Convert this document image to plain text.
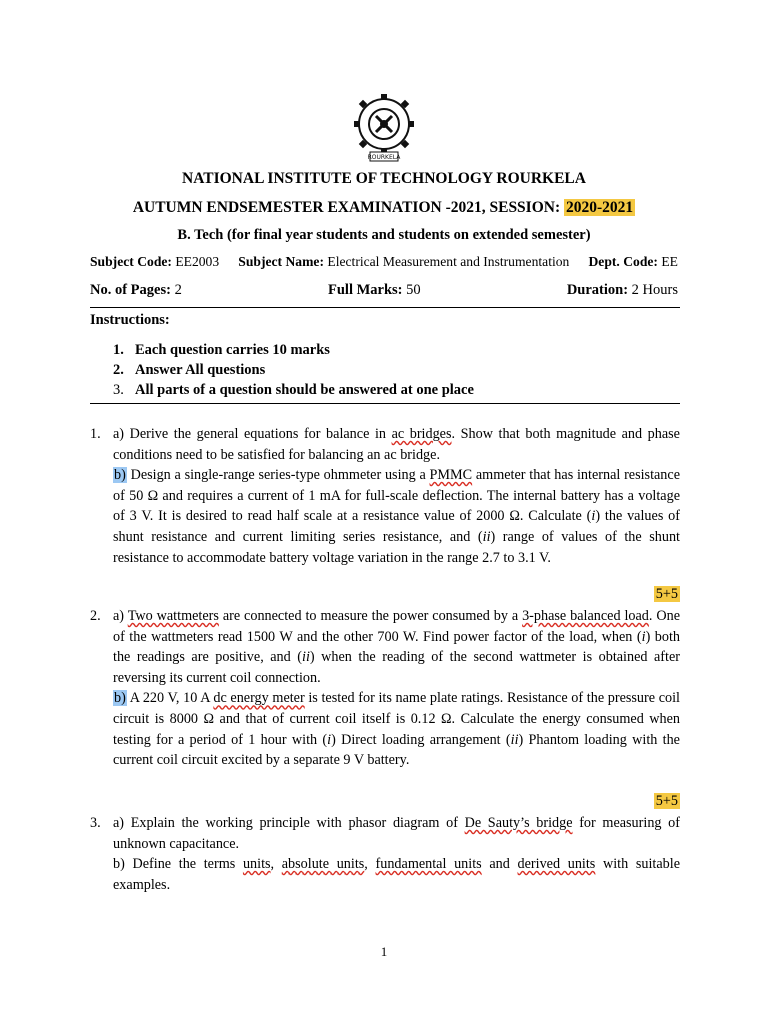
ROURKELA
NATIONAL INSTITUTE OF TECHNOLOGY ROURKELA
AUTUMN ENDSEMESTER EXAMINATION -2021, SESSION: 2020-2021
B. Tech (for final year students and students on extended semester)
Subject Code: EE2003 Subject Name: Electrical Measurement and Instrumentation Dept. Code: EE
No. of Pages: 2	Full Marks: 50	Duration: 2 Hours
Instructions:
1. Each question carries 10 marks
2. Answer All questions
3. All parts of a question should be answered at one place
1. a) Derive the general equations for balance in ac bridges. Show that both magnitude and phase conditions need to be satisfied for balancing an ac bridge.

b) Design a single-range series-type ohmmeter using a PMMC ammeter that has internal resistance of 50 Ω and requires a current of 1 mA for full-scale deflection. The internal battery has a voltage of 3 V. It is desired to read half scale at a resistance value of 2000 Ω. Calculate (i) the values of shunt resistance and current limiting series resistance, and (ii) range of values of the shunt resistance to accommodate battery voltage variation in the range 2.7 to 3.1 V.

5+5
2. a) Two wattmeters are connected to measure the power consumed by a 3-phase balanced load. One of the wattmeters read 1500 W and the other 700 W. Find power factor of the load, when (i) both the readings are positive, and (ii) when the reading of the second wattmeter is obtained after reversing its current coil connection.

b) A 220 V, 10 A dc energy meter is tested for its name plate ratings. Resistance of the pressure coil circuit is 8000 Ω and that of current coil itself is 0.12 Ω. Calculate the energy consumed when testing for a period of 1 hour with (i) Direct loading arrangement (ii) Phantom loading with the current coil circuit excited by a separate 9 V battery.

5+5
3. a) Explain the working principle with phasor diagram of De Sauty’s bridge for measuring of unknown capacitance.

b) Define the terms units, absolute units, fundamental units and derived units with suitable examples.

1
